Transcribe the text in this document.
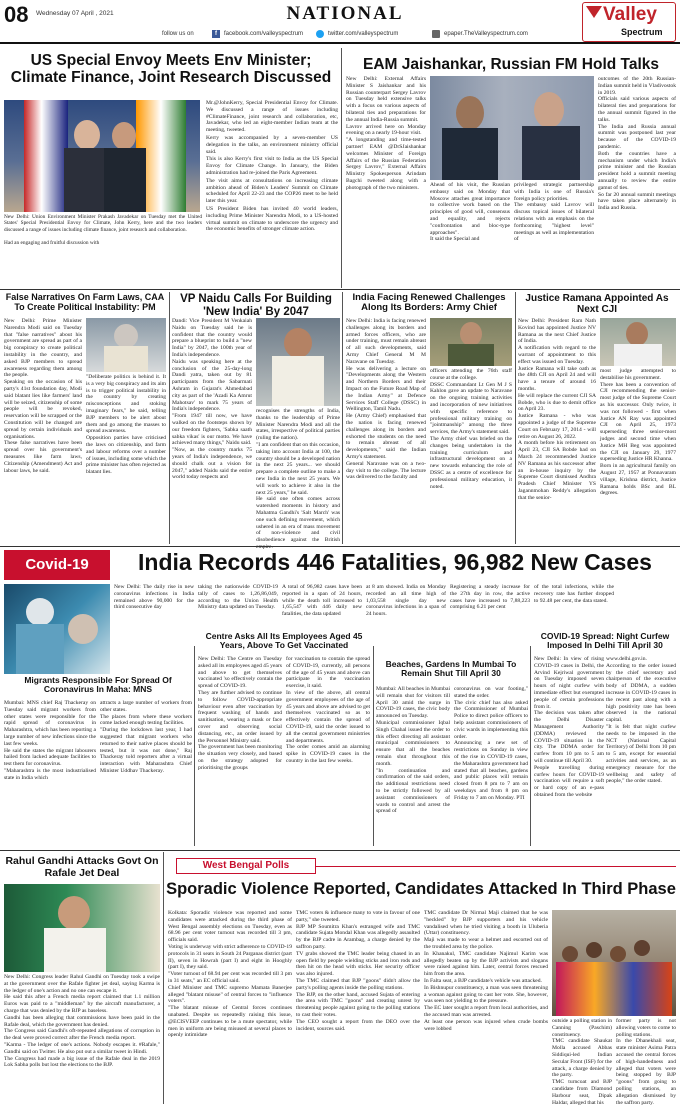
08 Wednesday 07 April , 2021	NATIONAL	Valley
Spectrum
follow us on	f	facebook.com/valleyspectrum	twitter.com/valleyspectrum	epaper.TheValleyspectrum.com
US Special Envoy Meets Env Minister; Climate Finance, Joint Research Discussed
New Delhi: Union Environment Minister Prakash Javadekar on Tuesday met the United States' Special Presidential Envoy for Climate, John Kerry, here and the two leaders discussed a range of issues including climate finance, joint research and collaboration.
Had an engaging and fruitful discussion with

Mr.@JohnKerry, Special Presidential Envoy for Climate. We discussed a range of issues including #ClimateFinance, joint research and collaboration, etc, Javadekar, who led an eight-member Indian team at the meeting, tweeted.

Kerry was accompanied by a seven-member US delegation in the talks, an environment ministry official said.

This is also Kerry's first visit to India as the US Special Envoy for Climate Change. In January, the Biden administration had re-joined the Paris Agreement.

The visit aims at consultations on increasing climate ambition ahead of Biden's Leaders' Summit on Climate scheduled for April 22-23 and the COP26 meet to be held later this year.

US President Biden has invited 40 world leaders, including Prime Minister Narendra Modi, to a US-hosted virtual summit on climate to underscore the urgency and the economic benefits of stronger climate action.

EAM Jaishankar, Russian FM Hold Talks
New Delhi: External Affairs Minister S Jaishankar and his Russian counterpart Sergey Lavrov on Tuesday held extensive talks with a focus on various aspects of bilateral ties and preparations for the annual India-Russia summit.
Lavrov arrived here on Monday evening on a nearly 19-hour visit.
"A longstanding and time-tested partner! EAM @DrSJaishankar welcomes Minister of Foreign Affairs of the Russian Federation Sergey Lavrov," External Affairs Ministry Spokesperson Arindam Bagchi tweeted along with a photograph of the two ministers.	Ahead of his visit, the Russian embassy said on Monday that Moscow attaches great importance to collective work based on the principles of good will, consensus and equality, and rejects "confrontation and bloc-type approaches".
It said the Special and
privileged strategic partnership with India is one of Russia's foreign policy priorities.
The embassy said Lavrov will discuss topical issues of bilateral relations with an emphasis on the forthcoming "highest level" meetings as well as implementation of
outcomes of the 20th Russian-Indian summit held in Vladivostok in 2019.
Officials said various aspects of bilateral ties and preparations for the annual summit figured in the talks.
The India and Russia annual summit was postponed last year because of the COVID-19 pandemic.
Both the countries have a mechanism under which India's prime minister and the Russian president hold a summit meeting annually to review the entire gamut of ties.
So far 20 annual summit meetings have taken place alternately in India and Russia.
False Narratives On Farm Laws, CAA To Create Political Instability: PM
New Delhi: Prime Minister Narendra Modi said on Tuesday that "false narratives" about his government are spread as part of a big conspiracy to create political instability in the country, and asked BJP members to spread awareness regarding them among the people.
Speaking on the occasion of his party's 41st foundation day, Modi said blatant lies like farmers' land will be seized, citizenship of some people will be revoked, reservation will be scrapped or the Constitution will be changed are spread by certain individuals and organisations.
These false narratives have been spread over his government's measures like farm laws, Citizenship (Amendment) Act and labour laws, he said.
"Deliberate politics is behind it. It is a very big conspiracy and its aim is to trigger political instability in the country by creating misconceptions and stoking imaginary fears," he said, telling BJP members to be alert about them and go among the masses to spread awareness.
Opposition parties have criticised the laws on citizenship, and farm and labour reforms over a number of issues, including some which the prime minister has often rejected as blatant lies.
VP Naidu Calls For Building 'New India' By 2047
Dandi: Vice President M Venkaiah Naidu on Tuesday said he is confident that the country would prepare a blueprint to build a "new India" by 2047, the 100th year of India's independence.
Naidu was speaking here at the conclusion of the 25-day-long Dandi yatra, taken out by 81 participants from the Sabarmati Ashram in Gujarat's Ahmedabad city as part of the 'Azadi Ka Amrut Mahotsav' to mark 75 years of India's independence.
"From 1947 till now, we have walked on the footsteps shown by our freedom fighters, 'Sabka saath sabka vikas' is our motto. We have achieved many things," Naidu said.
"Now, as the country marks 75 years of India's independence, we should chalk out a vision for 2047," added Naidu said the entire world today respects and
recognises the strengths of India, thanks to the leadership of Prime Minister Narendra Modi and all the states, irrespective of political parties (ruling the nation).
"I am confident that on this occasion, taking into account India at 100, the country should be a developed nation in the next 25 years... we should prepare a complete outline to make a new India in the next 25 years. We will work to achieve it also in the next 25 years," he said.
He said one often comes across watershed moments in history and Mahatma Gandhi's 'Salt March' was one such defining movement, which ushered in an era of mass movement of non-violence and civil disobedience against the British
India Facing Renewed Challenges Along Its Borders: Army Chief
New Delhi: India is facing renewed challenges along its borders and armed forces officers, who are under training, must remain abreast of all such developments, said Army Chief General M M Naravane on Tuesday.
He was delivering a lecture on "Developments along the Western and Northern Borders and their Impact on the Future Road Map of the Indian Army" at Defence Services Staff College (DSSC) in Wellington, Tamil Nadu.
He (Army Chief) emphasised that the nation is facing renewed challenges along its borders and exhorted the students on the need to remain abreast of all developments," said the Indian Army's statement.
General Naravane was on a two-day visit to the college. The lecture was delivered to the faculty and
officers attending the 76th staff course at the college.
DSSC Commandant Lt Gen M J S Kahlon gave an update to Naravane on the ongoing training activities and incorporation of new initiatives with specific reference to professional military training on "jointmanship" among the three services, the Army's statement said.
The Army chief was briefed on the changes being undertaken in the training curriculum and infrastructural development on a new towards enhancing the role of DSSC as a centre of excellence for professional military education, it noted.
Justice Ramana Appointed As Next CJI
New Delhi: President Ram Nath Kovind has appointed Justice NV Ramana as the next Chief Justice of India.
A notification with regard to the warrant of appointment to this effect was issued on Tuesday.
Justice Ramana will take oath as the 48th CJI on April 24 and will have a tenure of around 16 months.
He will replace the current CJI SA Bobde, who is due to demit office on April 23.
Justice Ramana - who was appointed a judge of the Supreme Court on February 17, 2014 - will retire on August 26, 2022.
A month before his retirement on April 23, CJI SA Bobde had on March 24 recommended Justice NV Ramana as his successor after an in-house inquiry by the Supreme Court dismissed Andhra Pradesh Chief Minister YS Jagannmohan Reddy's allegation that the senior-
most judge attempted to destabilise his government.
There has been a convention of CJI recommending the senior-most judge of the Supreme Court as his successor. Only twice, it was not followed - first when Justice AN Ray was appointed CJI on April 25, 1973 superseding three senior-most judges and second time when Justice MH Beg was appointed the CJI on January 29, 1977 superseding Justice HR Khanna.
Born in an agricultural family on August 27, 1957 at Ponnavaram village, Krishna district, Justice Ramana holds BSc and BL degrees.
Covid-19	India Records 446 Fatalities, 96,982 New Cases
New Delhi: The daily rise in new coronavirus infections in India remained above 90,000 for the third consecutive day
taking the nationwide COVID-19 tally of cases to 1,26,86,049, according to the Union Health Ministry data updated on Tuesday.
A total of 96,982 cases have been reported in a span of 24 hours, while the death toll increased to 1,65,547 with 446 daily new fatalities, the data updated
at 8 am showed. India on Monday recorded an all time high of 1,03,558 single day new coronavirus infections in a span of 24 hours.
Registering a steady increase for the 27th day in row, the active cases have increased to 7,88,223 comprising 6.21 per cent
of the total infections, while the recovery rate has further dropped to 92.48 per cent, the data stated.
Centre Asks All Its Employees Aged 45 Years, Above To Get Vaccinated
New Delhi: The Centre on Tuesday asked all its employees aged 45 years and above to get themselves vaccinated 'so effectively contain the spread of COVID-19.
They are further advised to continue to follow COVID-appropriate behaviour even after vaccination by frequent washing of hands and sanitisation, wearing a mask or face cover and observing social distancing, etc., an order issued by the Personnel Ministry said.
The government has been monitoring the situation very closely, and based on the strategy adopted for prioritising the groups
for vaccination to contain the spread of COVID-19, currently, all persons of the age of 45 years and above can participate in the vaccination exercise, it said.
In view of the above, all central government employees of the age of 45 years and above are advised to get themselves vaccinated so as to effectively contain the spread of COVID-19, said the order issued to all the central government ministries and departments.
The order comes amid an alarming spike in COVID-19 cases in the country in the last few weeks.
Migrants Responsible For Spread Of Coronavirus In Maha: MNS
Mumbai: MNS chief Raj Thackeray on Tuesday said migrant workers from other states were responsible for the rapid spread of coronavirus in Maharashtra, which has been reporting a large number of new infections since the last few weeks.
He said the states the migrant labourers hailed from lacked adequate facilities to test them for coronavirus.
"Maharashtra is the most industrialised state in India which
attracts a large number of workers from other states.
The places from where these workers come lacked enough testing facilities.
"During the lockdown last year, I had suggested that migrant workers who returned to their native places should be tested, but it was not done," Raj Thackeray told reporters after a virtual interaction with Maharashtra Chief Minister Uddhav Thackeray.
Beaches, Gardens In Mumbai To Remain Shut Till April 30
Mumbai: All beaches in Mumbai will remain shut for visitors till April 30 amid the surge in COVID-19 cases, the civic body announced on Tuesday.
Municipal commissioner Iqbal Singh Chahal issued the order to this effect directing all assistant municipal commissioners to ensure that all the beaches remain shut throughout this month.
"In continuation and confirmation of the said orders, the additional restrictions need to be strictly followed by all assistant commissioners of wards to control and arrest the spread of
coronavirus on war footing," stated the order.
The civic chief has also asked the Commissioner of Mumbai Police to direct police officers to help assistant commissioners of civic wards in implementing this order.
Announcing a new set of restrictions on Sunday in view of the rise in COVID-19 cases, the Maharashtra government had stated that all beaches, gardens and public places will remain closed from 8 pm to 7 am on weekdays and from 8 pm on Friday to 7 am on Monday. PTI
COVID-19 Spread: Night Curfew Imposed In Delhi Till April 30
New Delhi: In view of rising COVID-19 cases in Delhi, the Arvind Kejriwal government on Tuesday imposed seven hours of night curfew with immediate effect but exempted people of certain professions from it.
The decision was taken after the Delhi Disaster Management Authority (DDMA) reviewed the COVID-19 situation in the city. The DDMA order for curfew from 10 pm to 5 am will continue till April 30.
People travelling during curfew hours for COVID-19 vaccination will require a soft or hard copy of an e-pass obtained from the website
www.delhi.gov.in.
According to the order issued by the chief secretary and chairperson of the executive body of DDMA, a sudden increase in COVID-19 cases in the recent past along with a high positivity rate has been observed in the national capital.
"It is felt that night curfew needs to be imposed in the NCT (National Capital Territory) of Delhi from 10 pm to 5 am, except for essential activities and services, as an emergency measure for the wellbeing and safety of people," the order stated.
Rahul Gandhi Attacks Govt On Rafale Jet Deal
New Delhi: Congress leader Rahul Gandhi on Tuesday took a swipe at the government over the Rafale fighter jet deal, saying Karma is the ledger of one's action and no one can escape it.
He said this after a French media report claimed that 1.1 million Euros was paid to a "middleman" by the aircraft manufacturer, a charge that was denied by the BJP as baseless.
Gandhi has been alleging that commissions have been paid in the Rafale deal, which the government has denied.
The Congress said Gandhi's oft-repeated allegations of corruption in the deal were proved correct after the French media report.
"Karma - The ledger of one's actions. Nobody escapes it. #Rafale," Gandhi said on Twitter. He also put out a similar tweet in Hindi.
The Congress had made a big issue of the Rafale deal in the 2019 Lok Sabha polls but lost the elections to the BJP.
West Bengal Polls
Sporadic Violence Reported, Candidates Attacked In Third Phase
Kolkata: Sporadic violence was reported and some candidates were attacked during the third phase of West Bengal assembly elections on Tuesday, even as 68.96 per cent voter turnout was recorded till 3 pm, officials said.
Voting is underway with strict adherence to COVID-19 protocols in 31 seats in South 24 Parganas district (part II), seven in Howrah (part I) and eight in Hooghly (part I), they said.
"Voter turnout of 68.94 per cent was recorded till 3 pm in 31 seats," an EC official said.
Chief Minister and TMC supremo Mamata Banerjee alleged "blatant misuse" of central forces to "influence voters".
"The blatant misuse of Central forces continues unabated. Despite us repeatedly raising this issue, @ECISVEEP continues to be a mute spectator, while men in uniform are being misused at several places to openly intimidate
TMC voters & influence many to vote in favour of one party," she tweeted.
BJP MP Soumitra Khan's estranged wife and TMC candidate Sujata Mondal Khan was allegedly assaulted by the BJP cadre in Arambag, a charge denied by the saffron party.
TV grabs showed the TMC leader being chased in an open field by people wielding sticks and iron rods and then hit on the head with sticks. Her security officer was also injured.
The TMC claimed that BJP "goons" didn't allow the party's polling agents inside the polling stations.
The BJP, on the other hand, accused Sujata of entering the area with TMC "goons" and creating unrest by threatening people against going to the polling stations to cast their votes.
The CEO sought a report from the DEO over the incident, sources said.
TMC candidate Dr Nirmal Maji claimed that he was "heckled" by BJP supporters and his vehicle vandalised when he tried visiting a booth in Uluberia (Uttar) constituency.
Maji was made to wear a helmet and escorted out of the troubled area by the police.
In Khanakul, TMC candidate Najimul Karim was allegedly beaten up by the BJP activists and slogans were raised against him. Later, central forces rescued him from the area.
In Falta seat, a BJP candidate's vehicle was attacked.
In Bishnupur constituency, a man was seen threatening a woman against going to cast her vote. She, however, was seen not yielding to the pressure.
The EC later sought a report from local authorities, and the accused man was arrested.
At least one person was injured when crude bombs were lobbed
outside a polling station in Canning (Paschim) constituency.
TMC candidate Shaukat Molla accused Abbas Siddiqui-led Indian Secular Front (ISF) for the attack, a charge denied by the party.
TMC turncoat and BJP candidate from Diamond Harbour seat, Dipak Haldar, alleged that his
former party is not allowing voters to come to polling stations.
In the Dhanekhali seat, state minister Asima Patra accused the central forces of high-handedness and alleged that voters were being stopped by BJP "goons" from going to polling stations, an allegation dismissed by the saffron party.
